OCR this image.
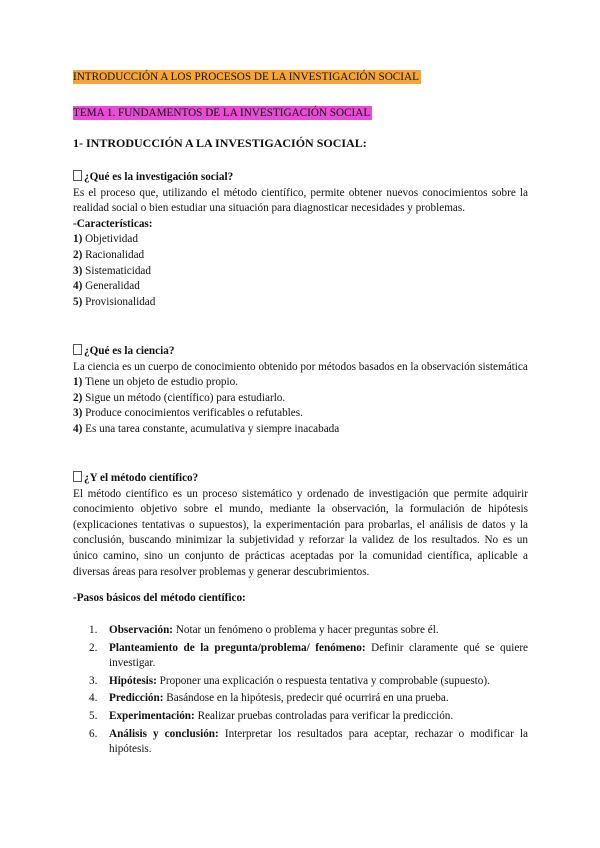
INTRODUCCIÓN A LOS PROCESOS DE LA INVESTIGACIÓN SOCIAL
TEMA 1. FUNDAMENTOS DE LA INVESTIGACIÓN SOCIAL
1- INTRODUCCIÓN A LA INVESTIGACIÓN SOCIAL:
¿Qué es la investigación social?
Es el proceso que, utilizando el método científico, permite obtener nuevos conocimientos sobre la realidad social o bien estudiar una situación para diagnosticar necesidades y problemas.
-Características:
1) Objetividad
2) Racionalidad
3) Sistematicidad
4) Generalidad
5) Provisionalidad
¿Qué es la ciencia?
La ciencia es un cuerpo de conocimiento obtenido por métodos basados en la observación sistemática
1) Tiene un objeto de estudio propio.
2) Sigue un método (científico) para estudiarlo.
3) Produce conocimientos verificables o refutables.
4) Es una tarea constante, acumulativa y siempre inacabada
¿Y el método científico?
El método científico es un proceso sistemático y ordenado de investigación que permite adquirir conocimiento objetivo sobre el mundo, mediante la observación, la formulación de hipótesis (explicaciones tentativas o supuestos), la experimentación para probarlas, el análisis de datos y la conclusión, buscando minimizar la subjetividad y reforzar la validez de los resultados. No es un único camino, sino un conjunto de prácticas aceptadas por la comunidad científica, aplicable a diversas áreas para resolver problemas y generar descubrimientos.
-Pasos básicos del método científico:
1. Observación: Notar un fenómeno o problema y hacer preguntas sobre él.
2. Planteamiento de la pregunta/problema/ fenómeno: Definir claramente qué se quiere investigar.
3. Hipótesis: Proponer una explicación o respuesta tentativa y comprobable (supuesto).
4. Predicción: Basándose en la hipótesis, predecir qué ocurrirá en una prueba.
5. Experimentación: Realizar pruebas controladas para verificar la predicción.
6. Análisis y conclusión: Interpretar los resultados para aceptar, rechazar o modificar la hipótesis.
